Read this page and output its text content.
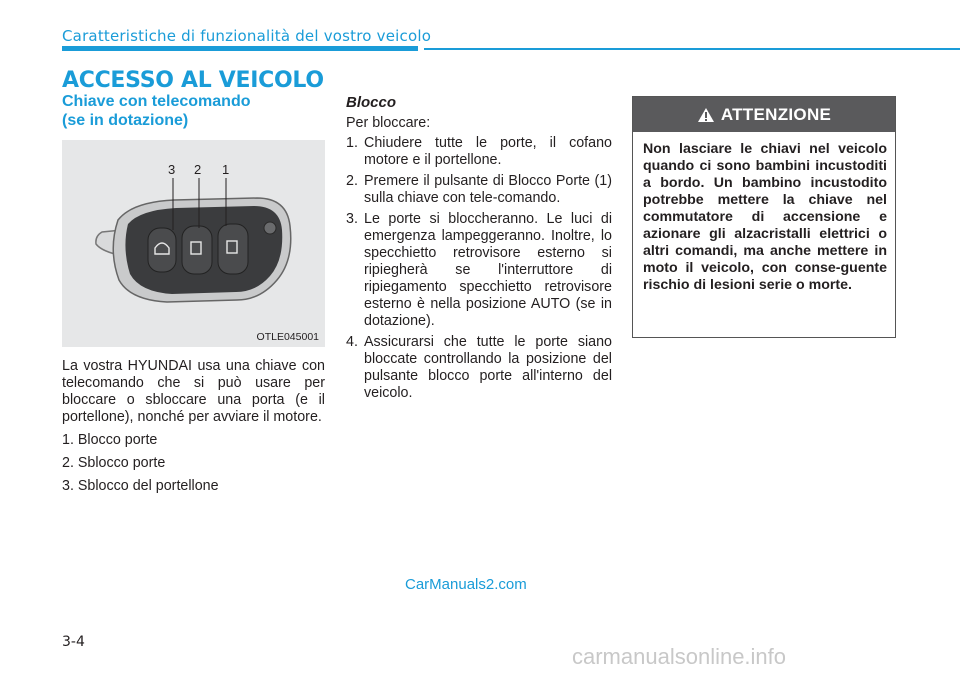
Caratteristiche di funzionalità del vostro veicolo
ACCESSO AL VEICOLO

Chiave con telecomando
(se in dotazione)

3 2 1
OTLE045001

La vostra HYUNDAI usa una chiave con telecomando che si può usare per bloccare o sbloccare una porta (e il portellone), nonché per avviare il motore.

1. Blocco porte
2. Sblocco porte
3. Sblocco del portellone

Blocco

Per bloccare:

1. Chiudere tutte le porte, il cofano motore e il portellone.
2. Premere il pulsante di Blocco Porte (1) sulla chiave con tele-comando.
3. Le porte si bloccheranno. Le luci di emergenza lampeggeranno. Inoltre, lo specchietto retrovisore esterno si ripiegherà se l'interruttore di ripiegamento specchietto retrovisore esterno è nella posizione AUTO (se in dotazione).
4. Assicurarsi che tutte le porte siano bloccate controllando la posizione del pulsante blocco porte all'interno del veicolo.
ATTENZIONE
Non lasciare le chiavi nel veicolo quando ci sono bambini incustoditi a bordo. Un bambino incustodito potrebbe mettere la chiave nel commutatore di accensione e azionare gli alzacristalli elettrici o altri comandi, ma anche mettere in moto il veicolo, con conse-guente rischio di lesioni serie o morte.
CarManuals2.com
3-4
carmanualsonline.info
